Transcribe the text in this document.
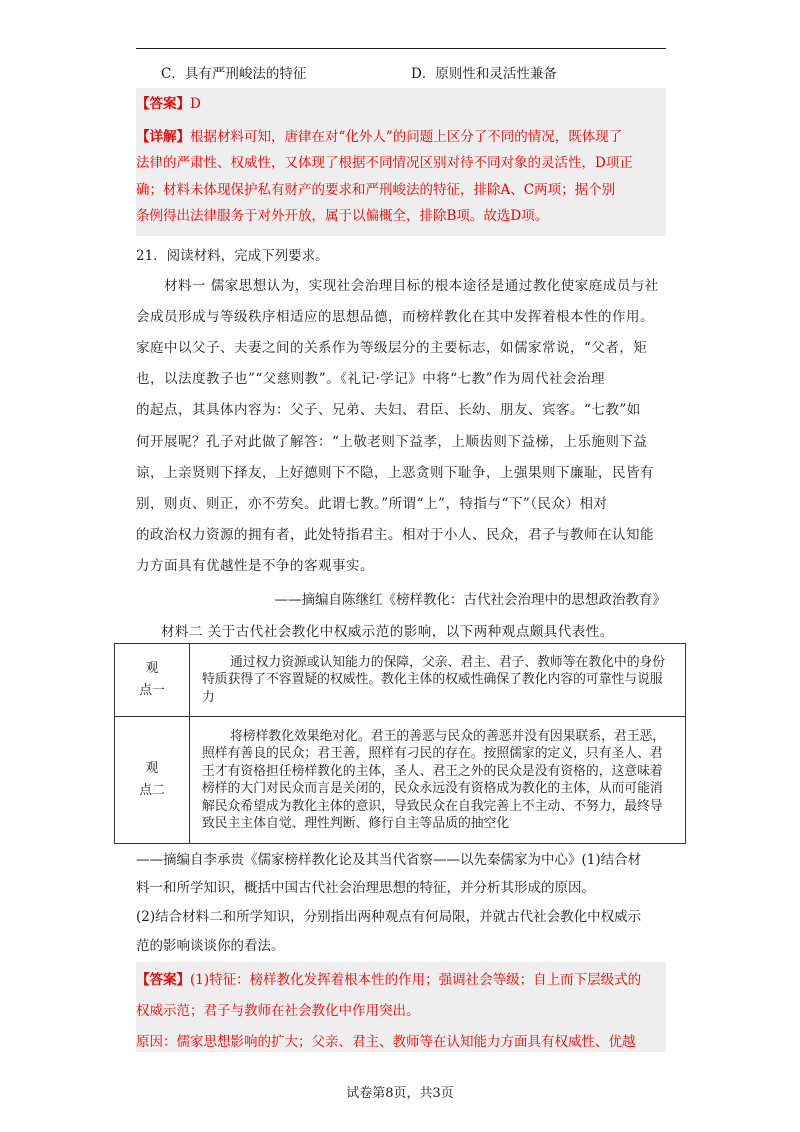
C．具有严刑峻法的特征	D．原则性和灵活性兼备
【答案】D
【详解】根据材料可知，唐律在对“化外人”的问题上区分了不同的情况，既体现了
法律的严肃性、权威性，又体现了根据不同情况区别对待不同对象的灵活性，D项正
确；材料未体现保护私有财产的要求和严刑峻法的特征，排除A、C两项；据个别
条例得出法律服务于对外开放，属于以偏概全，排除B项。故选D项。
21．阅读材料，完成下列要求。
　　材料一 儒家思想认为，实现社会治理目标的根本途径是通过教化使家庭成员与社
会成员形成与等级秩序相适应的思想品德，而榜样教化在其中发挥着根本性的作用。
家庭中以父子、夫妻之间的关系作为等级层分的主要标志，如儒家常说，“父者，矩
也，以法度教子也”“父慈则教”。《礼记·学记》中将“七教”作为周代社会治理
的起点，其具体内容为：父子、兄弟、夫妇、君臣、长幼、朋友、宾客。“七教”如
何开展呢？孔子对此做了解答：“上敬老则下益孝，上顺齿则下益梯，上乐施则下益
谅，上亲贤则下择友，上好德则下不隐，上恶贪则下耻争，上强果则下廉耻，民皆有
别，则贞、则正，亦不劳矣。此谓七教。”所谓“上”，特指与“下”（民众）相对
的政治权力资源的拥有者，此处特指君主。相对于小人、民众，君子与教师在认知能
力方面具有优越性是不争的客观事实。
——摘编自陈继红《榜样教化：古代社会治理中的思想政治教育》
材料二 关于古代社会教化中权威示范的影响，以下两种观点颇具代表性。
观
点一	通过权力资源或认知能力的保障，父亲、君主、君子、教师等在教化中的身份特质获得了不容置疑的权威性。教化主体的权威性确保了教化内容的可靠性与说服力

观
点二	将榜样教化效果绝对化。君王的善恶与民众的善恶并没有因果联系，君王恶，照样有善良的民众；君王善，照样有刁民的存在。按照儒家的定义，只有圣人、君王才有资格担任榜样教化的主体，圣人、君王之外的民众是没有资格的，这意味着榜样的大门对民众而言是关闭的，民众永远没有资格成为教化的主体，从而可能消解民众希望成为教化主体的意识，导致民众在自我完善上不主动、不努力，最终导致民主主体自觉、理性判断、修行自主等品质的抽空化
——摘编自李承贵《儒家榜样教化论及其当代省察——以先秦儒家为中心》(1)结合材
料一和所学知识，概括中国古代社会治理思想的特征，并分析其形成的原因。
(2)结合材料二和所学知识，分别指出两种观点有何局限，并就古代社会教化中权威示
范的影响谈谈你的看法。
【答案】(1)特征：榜样教化发挥着根本性的作用；强调社会等级；自上而下层级式的
权威示范；君子与教师在社会教化中作用突出。
原因：儒家思想影响的扩大；父亲、君主、教师等在认知能力方面具有权威性、优越
试卷第8页，共3页
